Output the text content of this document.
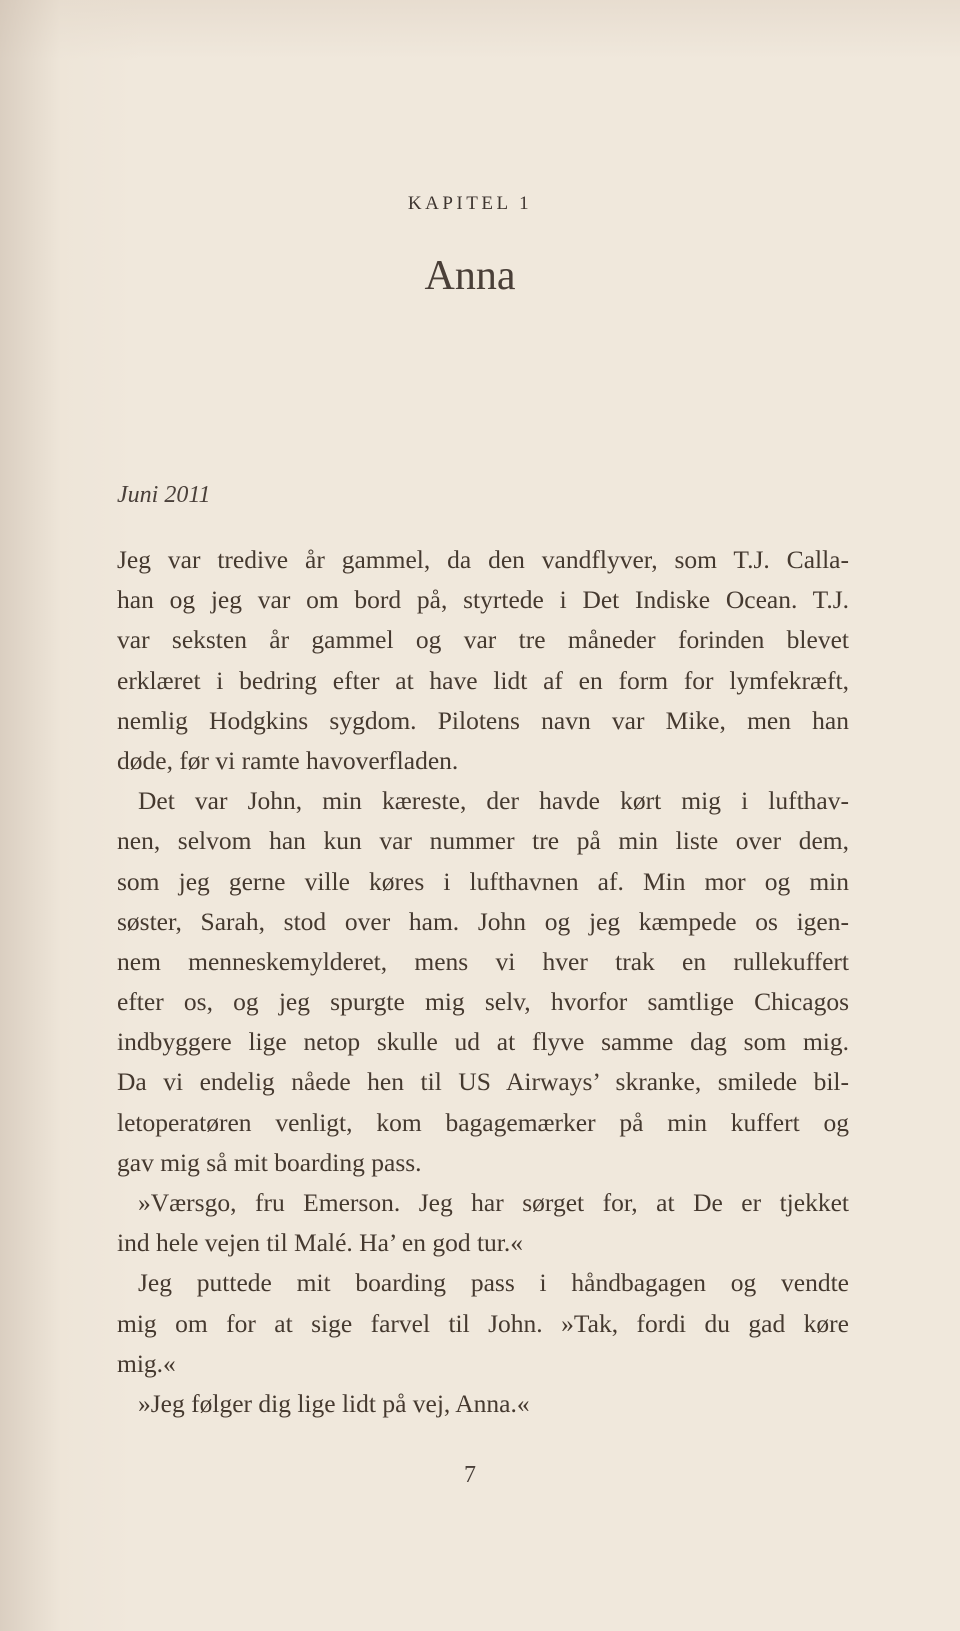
KAPITEL 1
Anna
Juni 2011
Jeg var tredive år gammel, da den vandflyver, som T.J. Calla-
han og jeg var om bord på, styrtede i Det Indiske Ocean. T.J.
var seksten år gammel og var tre måneder forinden blevet
erklæret i bedring efter at have lidt af en form for lymfekræft,
nemlig Hodgkins sygdom. Pilotens navn var Mike, men han
døde, før vi ramte havoverfladen.
Det var John, min kæreste, der havde kørt mig i lufthav-
nen, selvom han kun var nummer tre på min liste over dem,
som jeg gerne ville køres i lufthavnen af. Min mor og min
søster, Sarah, stod over ham. John og jeg kæmpede os igen-
nem menneskemylderet, mens vi hver trak en rullekuffert
efter os, og jeg spurgte mig selv, hvorfor samtlige Chicagos
indbyggere lige netop skulle ud at flyve samme dag som mig.
Da vi endelig nåede hen til US Airways’ skranke, smilede bil-
letoperatøren venligt, kom bagagemærker på min kuffert og
gav mig så mit boarding pass.
»Værsgo, fru Emerson. Jeg har sørget for, at De er tjekket
ind hele vejen til Malé. Ha’ en god tur.«
Jeg puttede mit boarding pass i håndbagagen og vendte
mig om for at sige farvel til John. »Tak, fordi du gad køre
mig.«
»Jeg følger dig lige lidt på vej, Anna.«
7
